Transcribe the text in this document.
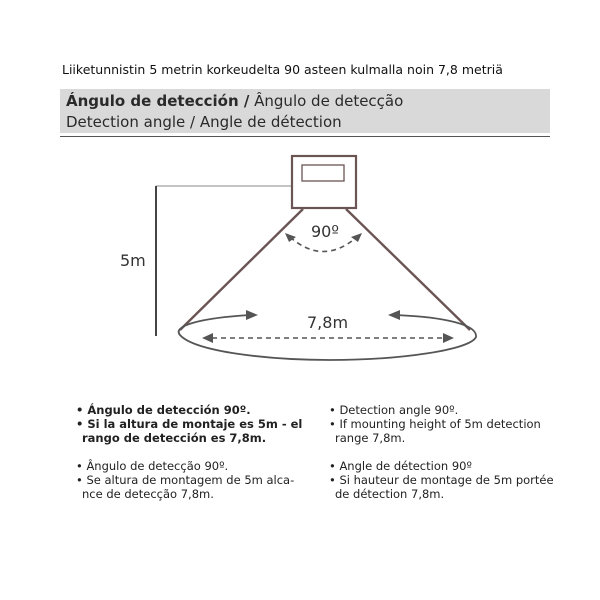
Liiketunnistin 5 metrin korkeudelta 90 asteen kulmalla noin 7,8 metriä
Ángulo de detección / Ângulo de detecção
Detection angle / Angle de détection
5m
90º
7,8m
• Ángulo de detección 90º.
• Si la altura de montaje es 5m - el
rango de detección es 7,8m.
• Ângulo de detecção 90º.
• Se altura de montagem de 5m alca-
nce de detecção 7,8m.
• Detection angle 90º.
• If mounting height of 5m detection
range 7,8m.
• Angle de détection 90º
• Si hauteur de montage de 5m portée
de détection 7,8m.
